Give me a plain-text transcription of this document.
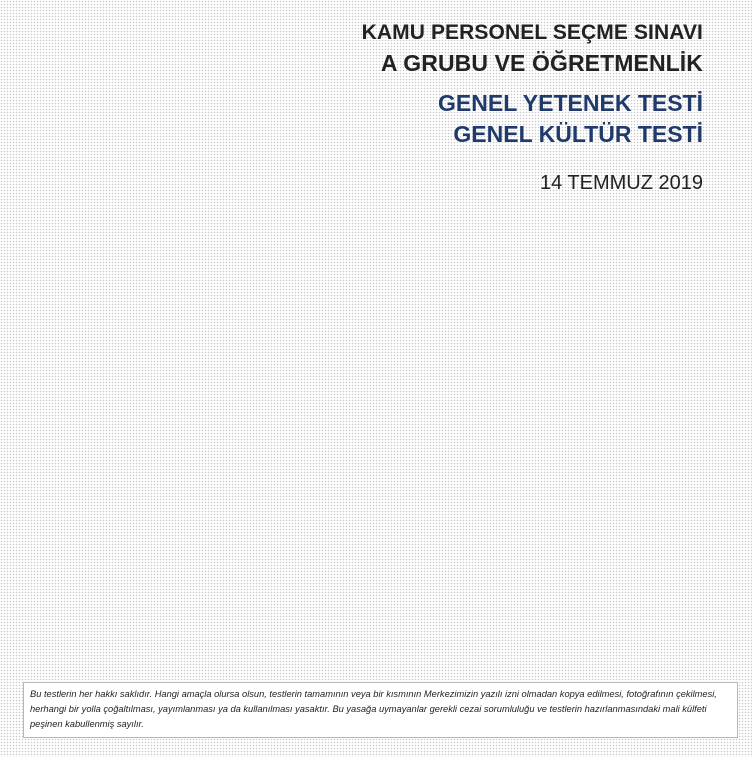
KAMU PERSONEL SEÇME SINAVI
A GRUBU VE ÖĞRETMENLİK
GENEL YETENEK TESTİ
GENEL KÜLTÜR TESTİ
14 TEMMUZ 2019
Bu testlerin her hakkı saklıdır. Hangi amaçla olursa olsun, testlerin tamamının veya bir kısmının Merkezimizin yazılı izni olmadan kopya edilmesi, fotoğrafının çekilmesi, herhangi bir yolla çoğaltılması, yayımlanması ya da kullanılması yasaktır. Bu yasağa uymayanlar gerekli cezai sorumluluğu ve testlerin hazırlanmasındaki mali külfeti peşinen kabullenmiş sayılır.
